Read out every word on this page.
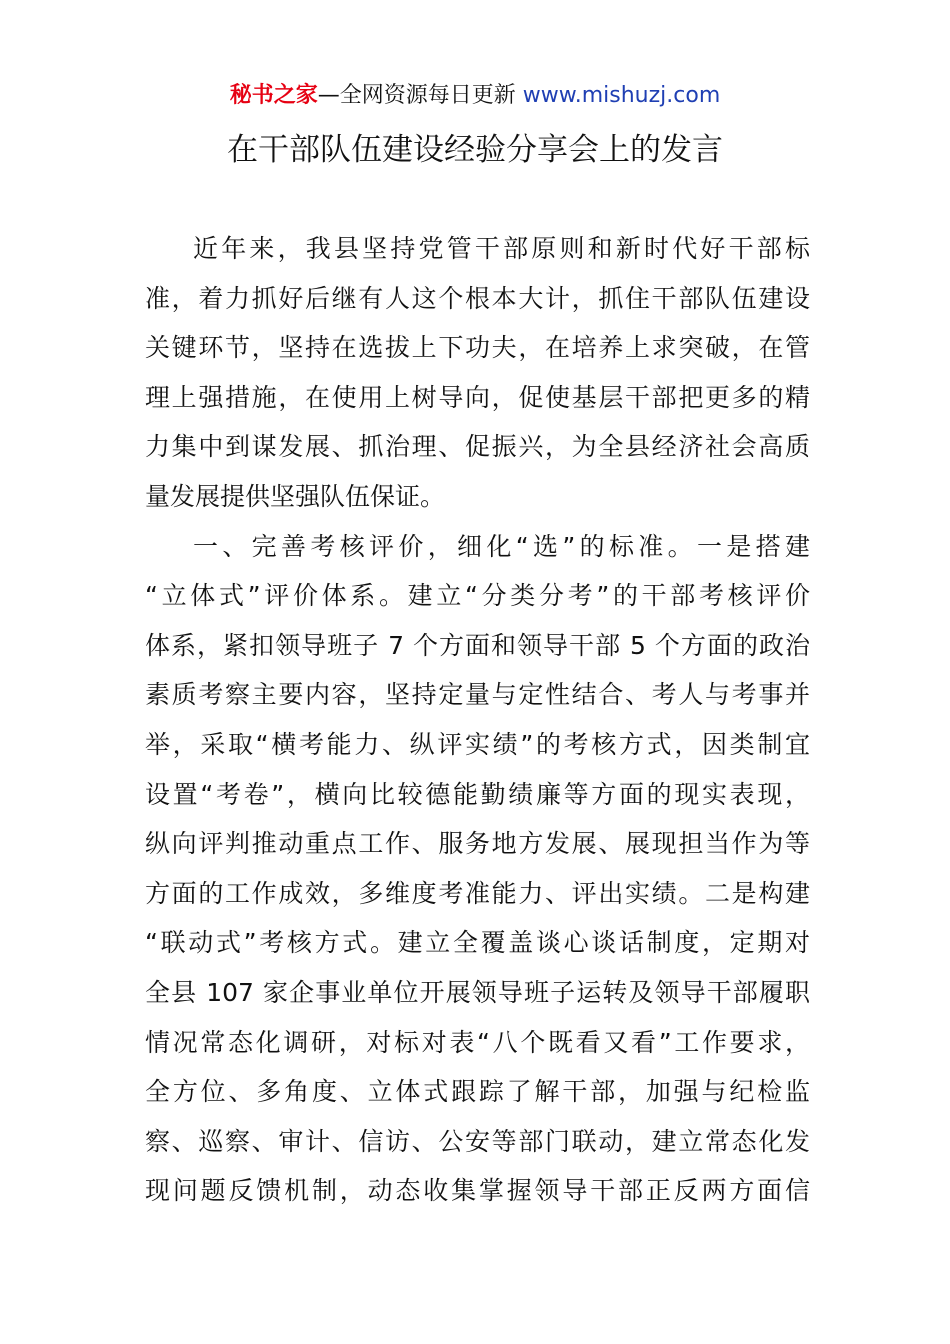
秘书之家—全网资源每日更新 www.mishuzj.com
在干部队伍建设经验分享会上的发言
近年来，我县坚持党管干部原则和新时代好干部标
准，着力抓好后继有人这个根本大计，抓住干部队伍建设
关键环节，坚持在选拔上下功夫，在培养上求突破，在管
理上强措施，在使用上树导向，促使基层干部把更多的精
力集中到谋发展、抓治理、促振兴，为全县经济社会高质
量发展提供坚强队伍保证。
一、完善考核评价，细化“选”的标准。一是搭建
“立体式”评价体系。建立“分类分考”的干部考核评价
体系，紧扣领导班子 7 个方面和领导干部 5 个方面的政治
素质考察主要内容，坚持定量与定性结合、考人与考事并
举，采取“横考能力、纵评实绩”的考核方式，因类制宜
设置“考卷”，横向比较德能勤绩廉等方面的现实表现，
纵向评判推动重点工作、服务地方发展、展现担当作为等
方面的工作成效，多维度考准能力、评出实绩。二是构建
“联动式”考核方式。建立全覆盖谈心谈话制度，定期对
全县 107 家企事业单位开展领导班子运转及领导干部履职
情况常态化调研，对标对表“八个既看又看”工作要求，
全方位、多角度、立体式跟踪了解干部，加强与纪检监
察、巡察、审计、信访、公安等部门联动，建立常态化发
现问题反馈机制，动态收集掌握领导干部正反两方面信
